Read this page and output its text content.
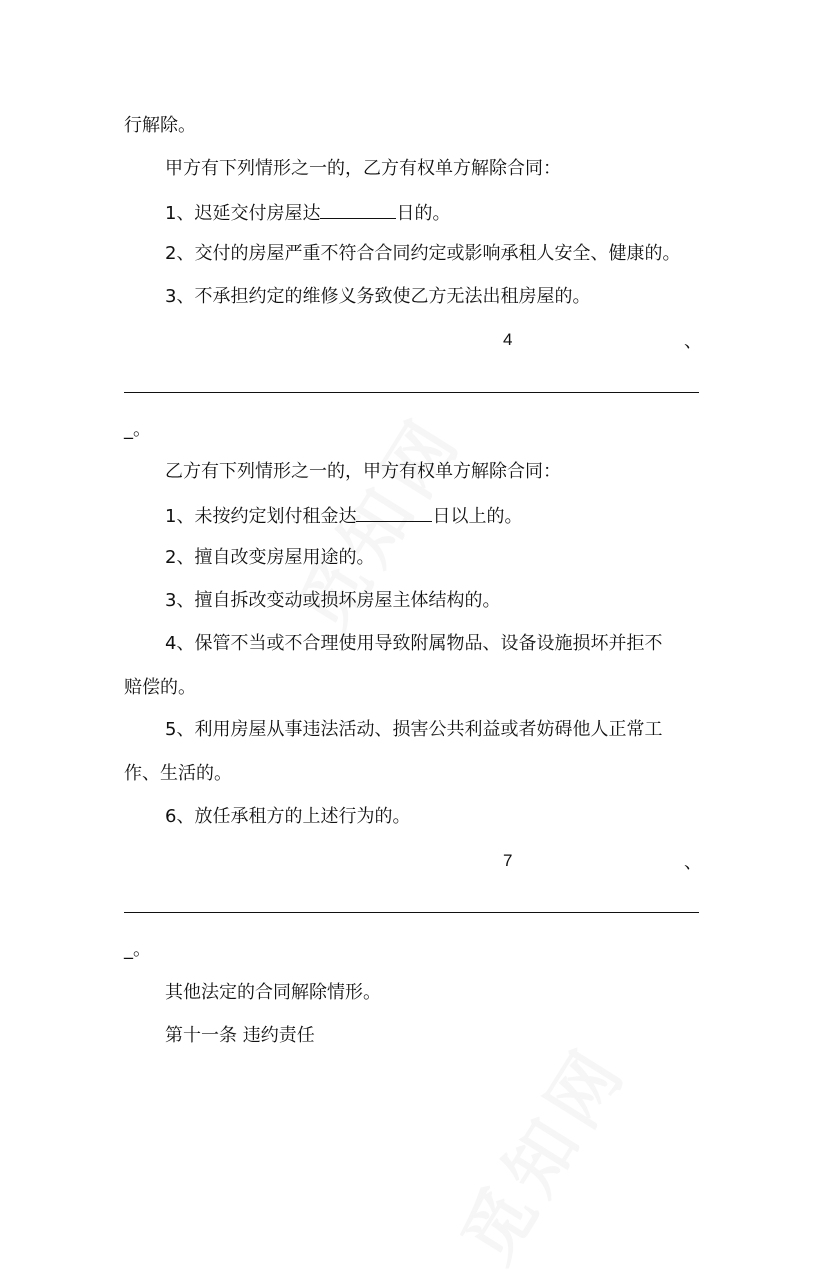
行解除。
甲方有下列情形之一的，乙方有权单方解除合同：
1、迟延交付房屋达	日的。
2、交付的房屋严重不符合合同约定或影响承租人安全、健康的。
3、不承担约定的维修义务致使乙方无法出租房屋的。
4	、
_。
乙方有下列情形之一的，甲方有权单方解除合同：
1、未按约定划付租金达	日以上的。
2、擅自改变房屋用途的。
3、擅自拆改变动或损坏房屋主体结构的。
4、保管不当或不合理使用导致附属物品、设备设施损坏并拒不
赔偿的。
5、利用房屋从事违法活动、损害公共利益或者妨碍他人正常工
作、生活的。
6、放任承租方的上述行为的。
7	、
_。
其他法定的合同解除情形。
第十一条 违约责任
